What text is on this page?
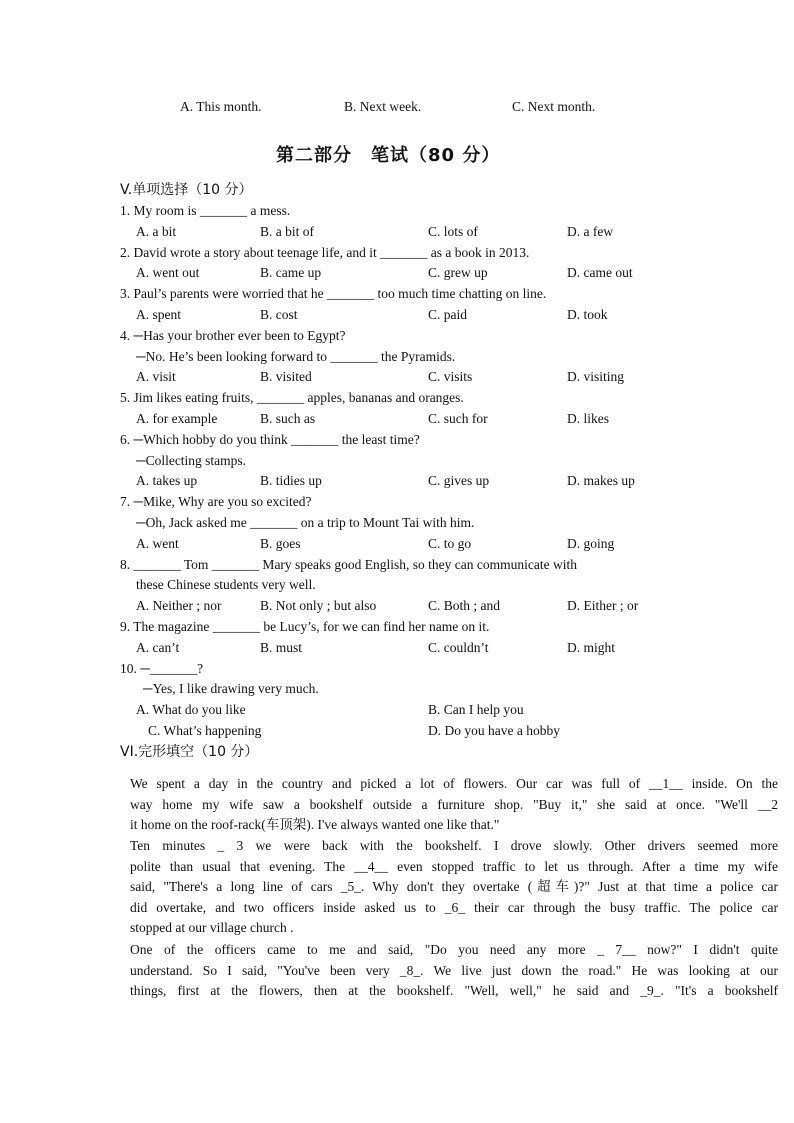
A. This month.	B. Next week.	C. Next month.
第二部分　笔试（80 分）
V.单项选择（10 分）
1. My room is _______ a mess.
A. a bit	B. a bit of	C. lots of	D. a few
2. David wrote a story about teenage life, and it _______ as a book in 2013.
A. went out	B. came up	C. grew up	D. came out
3. Paul’s parents were worried that he _______ too much time chatting on line.
A. spent	B. cost	C. paid	D. took
4. ─Has your brother ever been to Egypt?
─No. He’s been looking forward to _______ the Pyramids.
A. visit	B. visited	C. visits	D. visiting
5. Jim likes eating fruits, _______ apples, bananas and oranges.
A. for example	B. such as	C. such for	D. likes
6. ─Which hobby do you think _______ the least time?
─Collecting stamps.
A. takes up	B. tidies up	C. gives up	D. makes up
7. ─Mike, Why are you so excited?
─Oh, Jack asked me _______ on a trip to Mount Tai with him.
A. went	B. goes	C. to go	D. going
8. _______ Tom _______ Mary speaks good English, so they can communicate with
these Chinese students very well.
A. Neither ; nor	B. Not only ; but also	C. Both ; and	D. Either ; or
9. The magazine _______ be Lucy’s, for we can find her name on it.
A. can’t	B. must	C. couldn’t	D. might
10. ─_______?
─Yes, I like drawing very much.
A. What do you like	B. Can I help you
C. What’s happening	D. Do you have a hobby
VI.完形填空（10 分）
We spent a day in the country and picked a lot of flowers. Our car was full of __1__ inside. On the
way home my wife saw a bookshelf outside a furniture shop. "Buy it," she said at once. "We'll __2
it home on the roof-rack(车顶架). I've always wanted one like that."
Ten minutes _ 3 we were back with the bookshelf. I drove slowly. Other drivers seemed more
polite than usual that evening. The __4__ even stopped traffic to let us through. After a time my wife
said, "There's a long line of cars _5_. Why don't they overtake (超车)?" Just at that time a police car
did overtake, and two officers inside asked us to _6_ their car through the busy traffic. The police car
stopped at our village church .
One of the officers came to me and said, "Do you need any more _ 7__ now?" I didn't quite
understand. So I said, "You've been very _8_. We live just down the road." He was looking at our
things, first at the flowers, then at the bookshelf. "Well, well," he said and _9_. "It's a bookshelf
